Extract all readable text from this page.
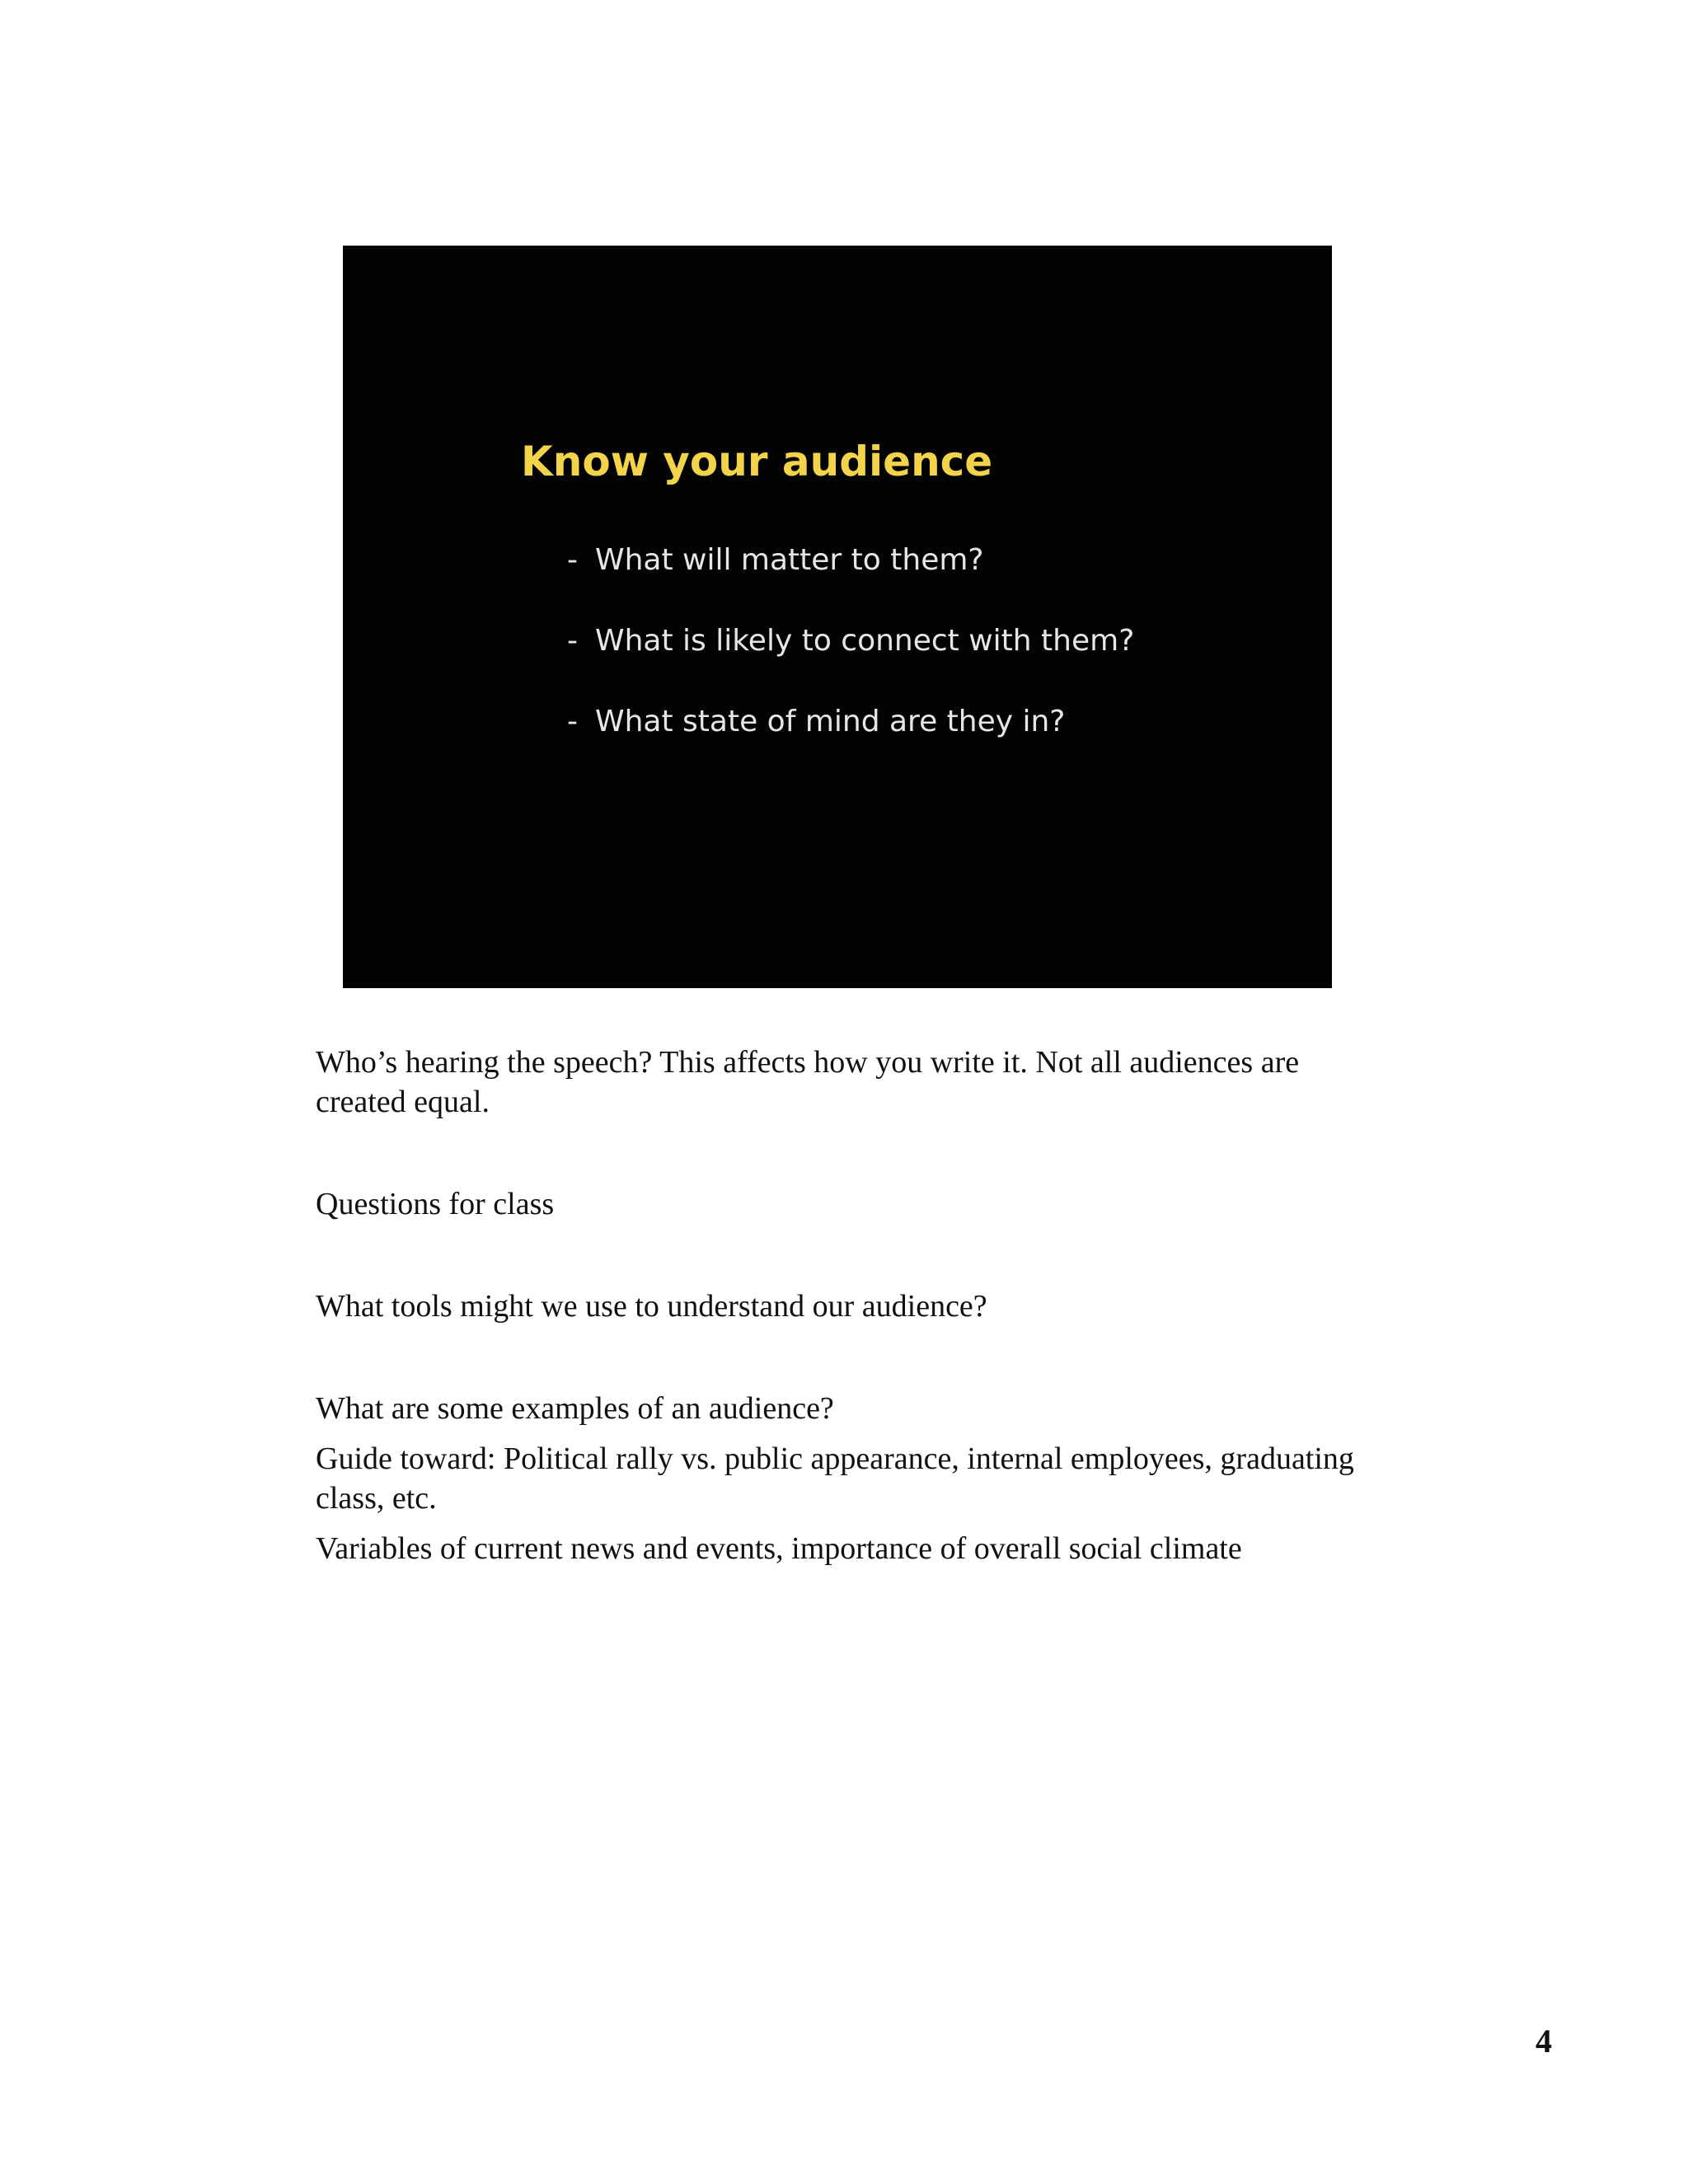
Know your audience
- What will matter to them?
- What is likely to connect with them?
- What state of mind are they in?

Who’s hearing the speech? This affects how you write it. Not all audiences are created equal.

Questions for class

What tools might we use to understand our audience?

What are some examples of an audience?

Guide toward: Political rally vs. public appearance, internal employees, graduating class, etc.

Variables of current news and events, importance of overall social climate

4
